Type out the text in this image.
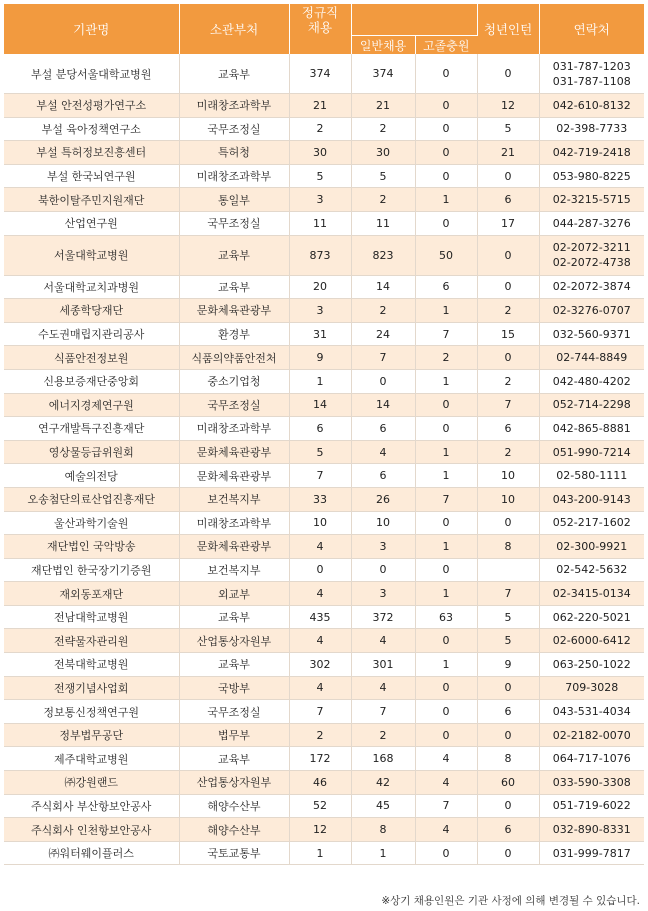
기관명	소관부처	정규직
채용			청년인턴	연락처
			일반채용	고졸충원		
부설 분당서울대학교병원	교육부	374	374	0	0	031-787-1203
031-787-1108

부설 안전성평가연구소	미래창조과학부	21	21	0	12	042-610-8132

부설 육아정책연구소	국무조정실	2	2	0	5	02-398-7733

부설 특허정보진흥센터	특허청	30	30	0	21	042-719-2418

부설 한국뇌연구원	미래창조과학부	5	5	0	0	053-980-8225

북한이탈주민지원재단	통일부	3	2	1	6	02-3215-5715

산업연구원	국무조정실	11	11	0	17	044-287-3276

서울대학교병원	교육부	873	823	50	0	02-2072-3211
02-2072-4738

서울대학교치과병원	교육부	20	14	6	0	02-2072-3874

세종학당재단	문화체육관광부	3	2	1	2	02-3276-0707

수도권매립지관리공사	환경부	31	24	7	15	032-560-9371

식품안전정보원	식품의약품안전처	9	7	2	0	02-744-8849

신용보증재단중앙회	중소기업청	1	0	1	2	042-480-4202

에너지경제연구원	국무조정실	14	14	0	7	052-714-2298

연구개발특구진흥재단	미래창조과학부	6	6	0	6	042-865-8881

영상물등급위원회	문화체육관광부	5	4	1	2	051-990-7214

예술의전당	문화체육관광부	7	6	1	10	02-580-1111

오송첨단의료산업진흥재단	보건복지부	33	26	7	10	043-200-9143

울산과학기술원	미래창조과학부	10	10	0	0	052-217-1602

재단법인 국악방송	문화체육관광부	4	3	1	8	02-300-9921

재단법인 한국장기기증원	보건복지부	0	0	0		02-542-5632

재외동포재단	외교부	4	3	1	7	02-3415-0134

전남대학교병원	교육부	435	372	63	5	062-220-5021

전략물자관리원	산업통상자원부	4	4	0	5	02-6000-6412

전북대학교병원	교육부	302	301	1	9	063-250-1022

전쟁기념사업회	국방부	4	4	0	0	709-3028

정보통신정책연구원	국무조정실	7	7	0	6	043-531-4034

정부법무공단	법무부	2	2	0	0	02-2182-0070

제주대학교병원	교육부	172	168	4	8	064-717-1076

㈜강원랜드	산업통상자원부	46	42	4	60	033-590-3308

주식회사 부산항보안공사	해양수산부	52	45	7	0	051-719-6022

주식회사 인천항보안공사	해양수산부	12	8	4	6	032-890-8331

㈜워터웨이플러스	국토교통부	1	1	0	0	031-999-7817
※상기 채용인원은 기관 사정에 의해 변경될 수 있습니다.
